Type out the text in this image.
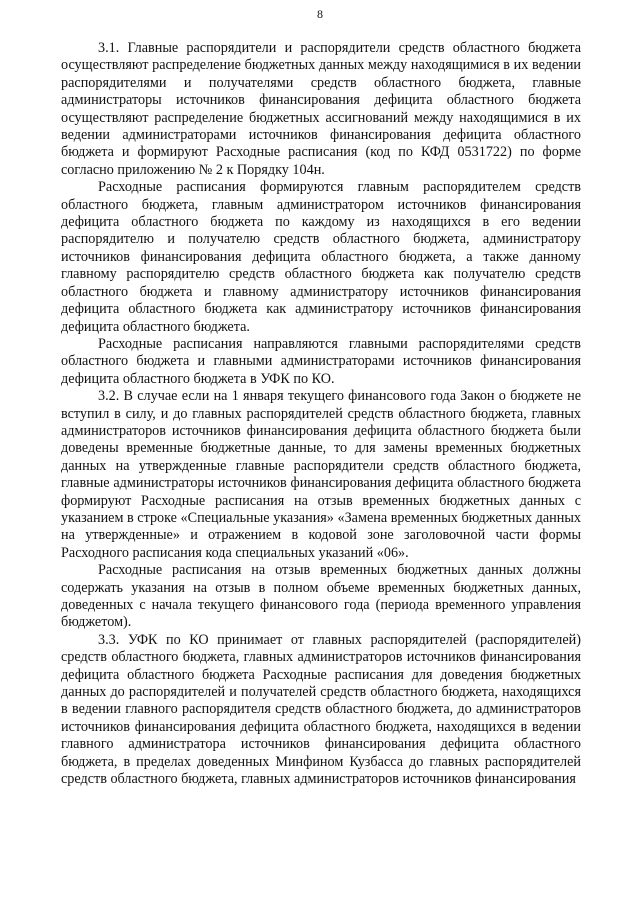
8

3.1. Главные распорядители и распорядители средств областного бюджета осуществляют распределение бюджетных данных между находящимися в их ведении распорядителями и получателями средств областного бюджета, главные администраторы источников финансирования дефицита областного бюджета осуществляют распределение бюджетных ассигнований между находящимися в их ведении администраторами источников финансирования дефицита областного бюджета и формируют Расходные расписания (код по КФД 0531722) по форме согласно приложению № 2 к Порядку 104н.

Расходные расписания формируются главным распорядителем средств областного бюджета, главным администратором источников финансирования дефицита областного бюджета по каждому из находящихся в его ведении распорядителю и получателю средств областного бюджета, администратору источников финансирования дефицита областного бюджета, а также данному главному распорядителю средств областного бюджета как получателю средств областного бюджета и главному администратору источников финансирования дефицита областного бюджета как администратору источников финансирования дефицита областного бюджета.

Расходные расписания направляются главными распорядителями средств областного бюджета и главными администраторами источников финансирования дефицита областного бюджета в УФК по КО.

3.2. В случае если на 1 января текущего финансового года Закон о бюджете не вступил в силу, и до главных распорядителей средств областного бюджета, главных администраторов источников финансирования дефицита областного бюджета были доведены временные бюджетные данные, то для замены временных бюджетных данных на утвержденные главные распорядители средств областного бюджета, главные администраторы источников финансирования дефицита областного бюджета формируют Расходные расписания на отзыв временных бюджетных данных с указанием в строке «Специальные указания» «Замена временных бюджетных данных на утвержденные» и отражением в кодовой зоне заголовочной части формы Расходного расписания кода специальных указаний «06».

Расходные расписания на отзыв временных бюджетных данных должны содержать указания на отзыв в полном объеме временных бюджетных данных, доведенных с начала текущего финансового года (периода временного управления бюджетом).

3.3. УФК по КО принимает от главных распорядителей (распорядителей) средств областного бюджета, главных администраторов источников финансирования дефицита областного бюджета Расходные расписания для доведения бюджетных данных до распорядителей и получателей средств областного бюджета, находящихся в ведении главного распорядителя средств областного бюджета, до администраторов источников финансирования дефицита областного бюджета, находящихся в ведении главного администратора источников финансирования дефицита областного бюджета, в пределах доведенных Минфином Кузбасса до главных распорядителей средств областного бюджета, главных администраторов источников финансирования
